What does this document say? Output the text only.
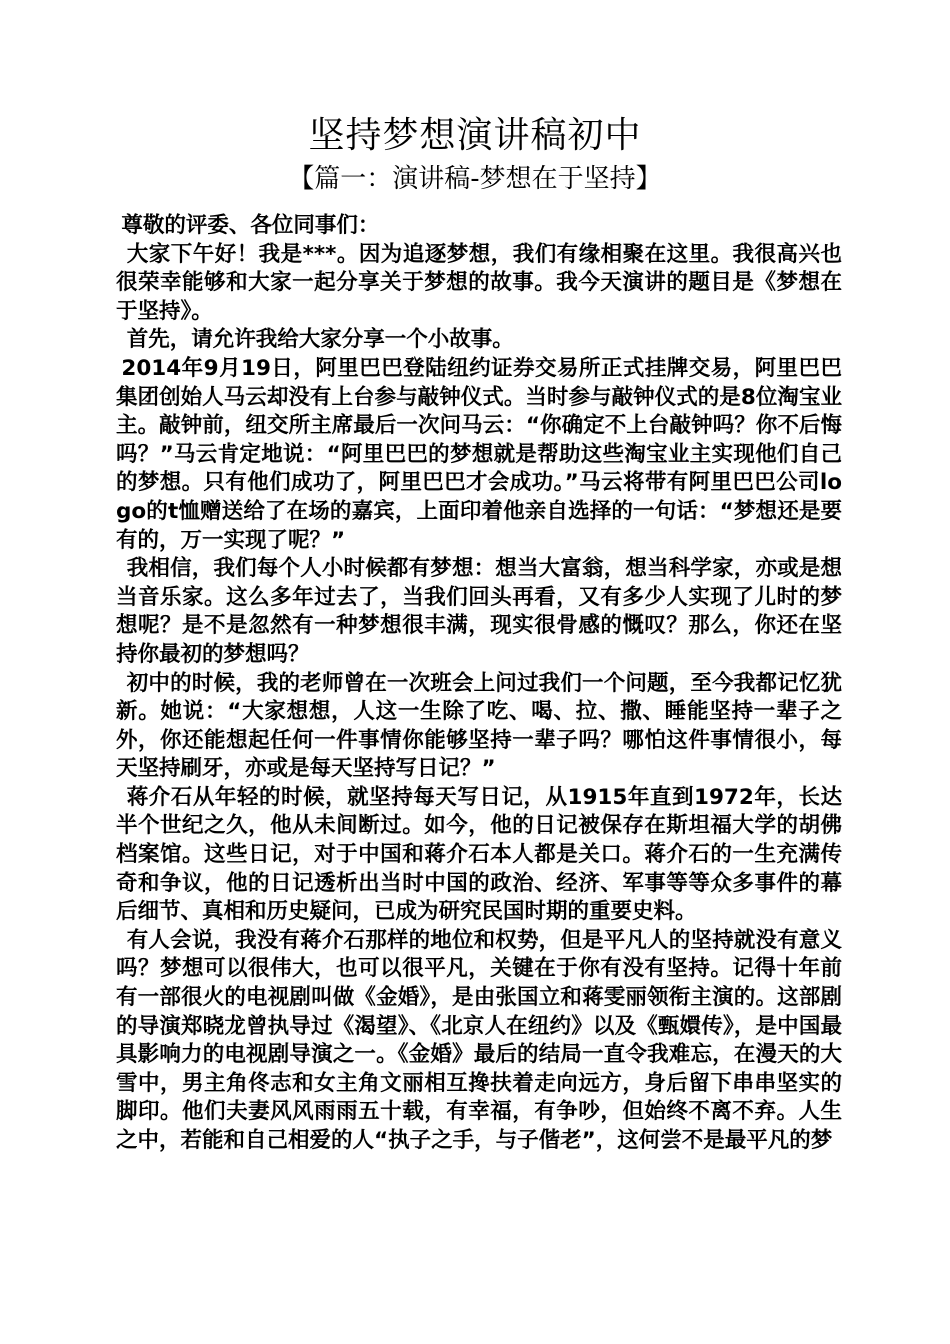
坚持梦想演讲稿初中
【篇一：演讲稿-梦想在于坚持】

尊敬的评委、各位同事们：

大家下午好！我是***。因为追逐梦想，我们有缘相聚在这里。我很高兴也很荣幸能够和大家一起分享关于梦想的故事。我今天演讲的题目是《梦想在于坚持》。

首先，请允许我给大家分享一个小故事。

2014年9月19日，阿里巴巴登陆纽约证券交易所正式挂牌交易，阿里巴巴集团创始人马云却没有上台参与敲钟仪式。当时参与敲钟仪式的是8位淘宝业主。敲钟前，纽交所主席最后一次问马云：“你确定不上台敲钟吗？你不后悔吗？”马云肯定地说：“阿里巴巴的梦想就是帮助这些淘宝业主实现他们自己的梦想。只有他们成功了，阿里巴巴才会成功。”马云将带有阿里巴巴公司logo的t恤赠送给了在场的嘉宾，上面印着他亲自选择的一句话：“梦想还是要有的，万一实现了呢？”

我相信，我们每个人小时候都有梦想：想当大富翁，想当科学家，亦或是想当音乐家。这么多年过去了，当我们回头再看，又有多少人实现了儿时的梦想呢？是不是忽然有一种梦想很丰满，现实很骨感的慨叹？那么，你还在坚持你最初的梦想吗？

初中的时候，我的老师曾在一次班会上问过我们一个问题，至今我都记忆犹新。她说：“大家想想，人这一生除了吃、喝、拉、撒、睡能坚持一辈子之外，你还能想起任何一件事情你能够坚持一辈子吗？哪怕这件事情很小，每天坚持刷牙，亦或是每天坚持写日记？”

蒋介石从年轻的时候，就坚持每天写日记，从1915年直到1972年，长达半个世纪之久，他从未间断过。如今，他的日记被保存在斯坦福大学的胡佛档案馆。这些日记，对于中国和蒋介石本人都是关口。蒋介石的一生充满传奇和争议，他的日记透析出当时中国的政治、经济、军事等等众多事件的幕后细节、真相和历史疑问，已成为研究民国时期的重要史料。

有人会说，我没有蒋介石那样的地位和权势，但是平凡人的坚持就没有意义吗？梦想可以很伟大，也可以很平凡，关键在于你有没有坚持。记得十年前有一部很火的电视剧叫做《金婚》，是由张国立和蒋雯丽领衔主演的。这部剧的导演郑晓龙曾执导过《渴望》、《北京人在纽约》以及《甄嬛传》，是中国最具影响力的电视剧导演之一。《金婚》最后的结局一直令我难忘，在漫天的大雪中，男主角佟志和女主角文丽相互搀扶着走向远方，身后留下串串坚实的脚印。他们夫妻风风雨雨五十载，有幸福，有争吵，但始终不离不弃。人生之中，若能和自己相爱的人“执子之手，与子偕老”，这何尝不是最平凡的梦
